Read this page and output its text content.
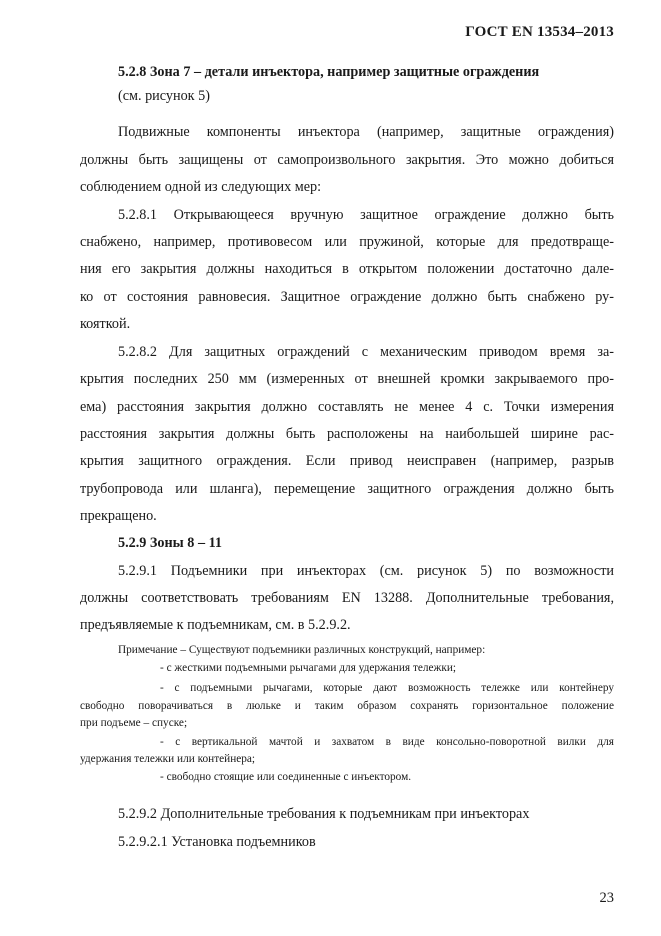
ГОСТ EN 13534–2013
5.2.8 Зона 7 – детали инъектора, например защитные ограждения
(см. рисунок 5)
Подвижные компоненты инъектора (например, защитные ограждения)
должны быть защищены от самопроизвольного закрытия. Это можно добиться
соблюдением одной из следующих мер:
5.2.8.1 Открывающееся вручную защитное ограждение должно быть
снабжено, например, противовесом или пружиной, которые для предотвраще-
ния его закрытия должны находиться в открытом положении достаточно дале-
ко от состояния равновесия. Защитное ограждение должно быть снабжено ру-
кояткой.
5.2.8.2 Для защитных ограждений с механическим приводом время за-
крытия последних 250 мм (измеренных от внешней кромки закрываемого про-
ема) расстояния закрытия должно составлять не менее 4 с. Точки измерения
расстояния закрытия должны быть расположены на наибольшей ширине рас-
крытия защитного ограждения. Если привод неисправен (например, разрыв
трубопровода или шланга), перемещение защитного ограждения должно быть
прекращено.
5.2.9 Зоны 8 – 11
5.2.9.1 Подъемники при инъекторах (см. рисунок 5) по возможности
должны соответствовать требованиям EN 13288. Дополнительные требования,
предъявляемые к подъемникам, см. в 5.2.9.2.
Примечание – Существуют подъемники различных конструкций, например:
- с жесткими подъемными рычагами для удержания тележки;
- с подъемными рычагами, которые дают возможность тележке или контейнеру
свободно поворачиваться в люльке и таким образом сохранять горизонтальное положение
при подъеме – спуске;
- с вертикальной мачтой и захватом в виде консольно-поворотной вилки для
удержания тележки или контейнера;
- свободно стоящие или соединенные с инъектором.
5.2.9.2 Дополнительные требования к подъемникам при инъекторах
5.2.9.2.1 Установка подъемников
23
